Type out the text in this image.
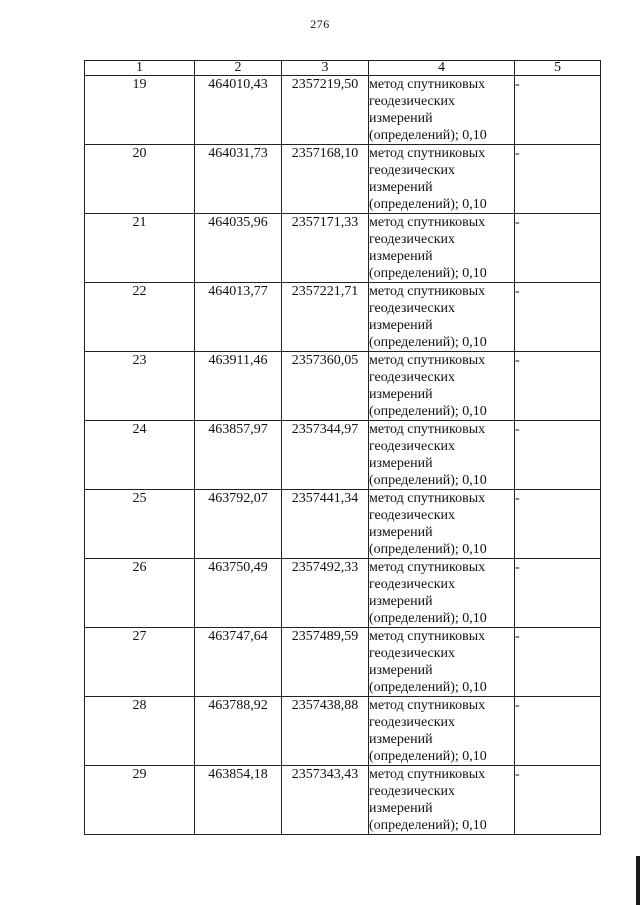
276
1	2	3	4	5
19	464010,43	2357219,50	метод спутниковых
геодезических
измерений
(определений); 0,10	-
20	464031,73	2357168,10	метод спутниковых
геодезических
измерений
(определений); 0,10	-
21	464035,96	2357171,33	метод спутниковых
геодезических
измерений
(определений); 0,10	-
22	464013,77	2357221,71	метод спутниковых
геодезических
измерений
(определений); 0,10	-
23	463911,46	2357360,05	метод спутниковых
геодезических
измерений
(определений); 0,10	-
24	463857,97	2357344,97	метод спутниковых
геодезических
измерений
(определений); 0,10	-
25	463792,07	2357441,34	метод спутниковых
геодезических
измерений
(определений); 0,10	-
26	463750,49	2357492,33	метод спутниковых
геодезических
измерений
(определений); 0,10	-
27	463747,64	2357489,59	метод спутниковых
геодезических
измерений
(определений); 0,10	-
28	463788,92	2357438,88	метод спутниковых
геодезических
измерений
(определений); 0,10	-
29	463854,18	2357343,43	метод спутниковых
геодезических
измерений
(определений); 0,10	-
